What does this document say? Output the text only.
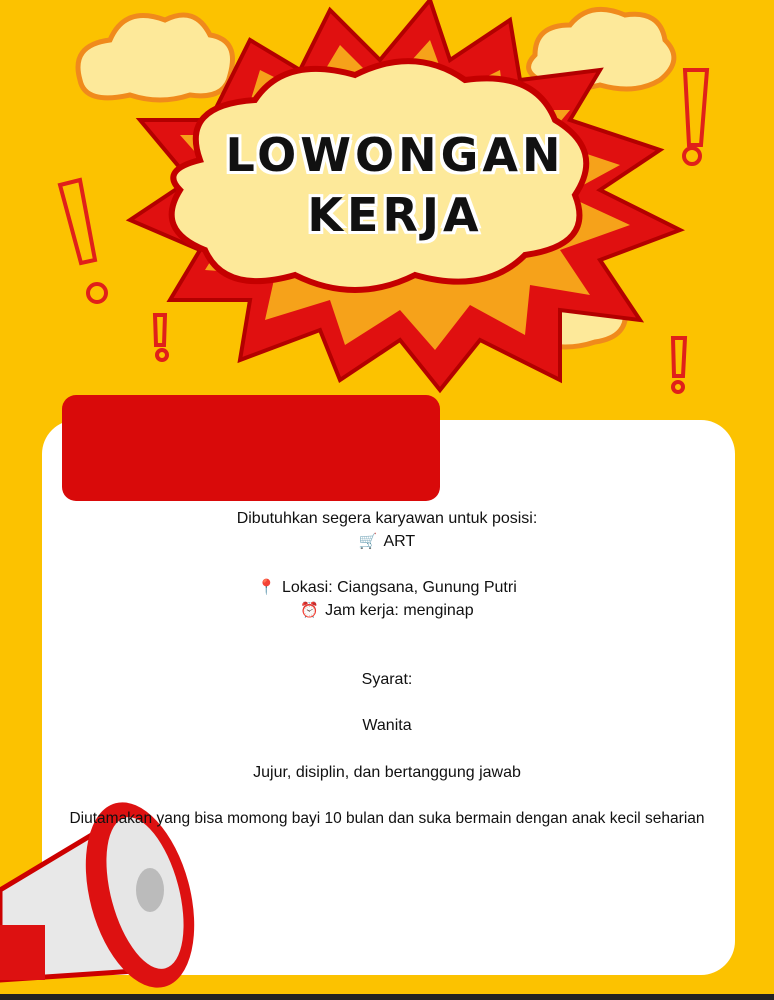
LOWONGAN
KERJA
Dibutuhkan segera karyawan untuk posisi:
🛒 ART
📍 Lokasi: Ciangsana, Gunung Putri
⏰ Jam kerja: menginap
Syarat:
Wanita
Jujur, disiplin, dan bertanggung jawab
Diutamakan yang bisa momong bayi 10 bulan dan suka bermain dengan anak kecil seharian
